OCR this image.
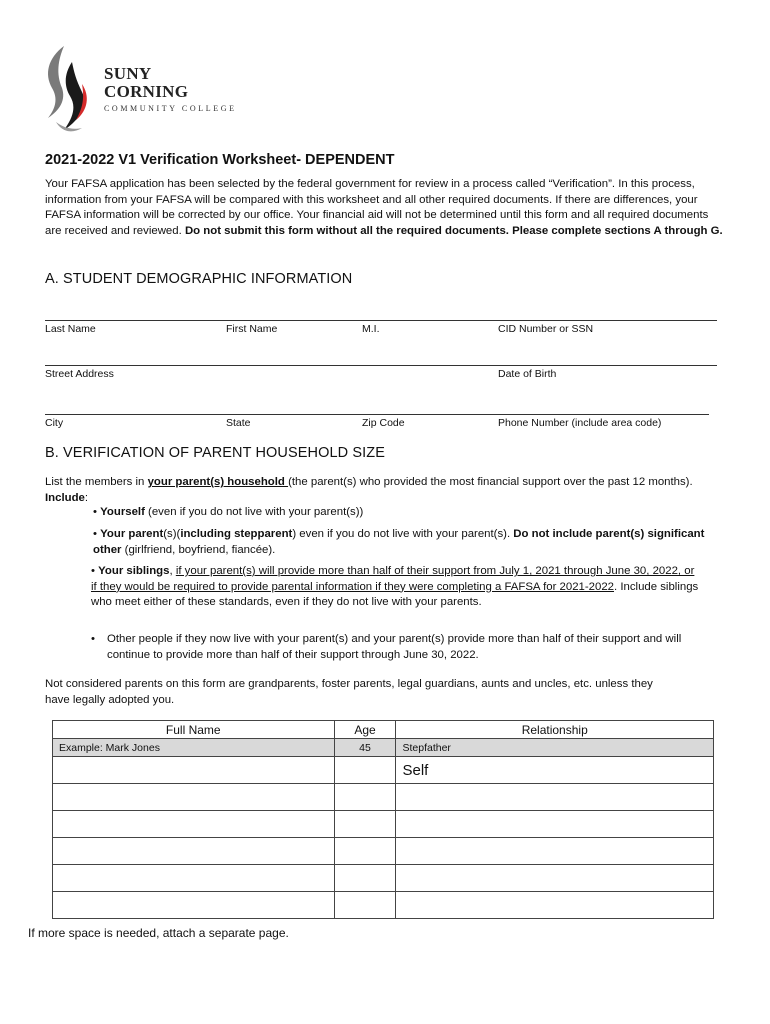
SUNY
CORNING
COMMUNITY COLLEGE
2021-2022 V1 Verification Worksheet- DEPENDENT
Your FAFSA application has been selected by the federal government for review in a process called “Verification”. In this process, information from your FAFSA will be compared with this worksheet and all other required documents. If there are differences, your FAFSA information will be corrected by our office. Your financial aid will not be determined until this form and all required documents are received and reviewed. Do not submit this form without all the required documents. Please complete sections A through G.
A. STUDENT DEMOGRAPHIC INFORMATION
Last Name	First Name	M.I.	CID Number or SSN
Street Address	Date of Birth
City	State	Zip Code	Phone Number (include area code)
B. VERIFICATION OF PARENT HOUSEHOLD SIZE
List the members in your parent(s) household (the parent(s) who provided the most financial support over the past 12 months). Include:
• Yourself (even if you do not live with your parent(s))
• Your parent(s)(including stepparent) even if you do not live with your parent(s). Do not include parent(s) significant other (girlfriend, boyfriend, fiancée).
• Your siblings, if your parent(s) will provide more than half of their support from July 1, 2021 through June 30, 2022, or if they would be required to provide parental information if they were completing a FAFSA for 2021-2022. Include siblings who meet either of these standards, even if they do not live with your parents.
•	Other people if they now live with your parent(s) and your parent(s) provide more than half of their support and will continue to provide more than half of their support through June 30, 2022.
Not considered parents on this form are grandparents, foster parents, legal guardians, aunts and uncles, etc. unless they have legally adopted you.
Full Name	Age	Relationship
Example: Mark Jones	45	Stepfather
		Self

If more space is needed, attach a separate page.
